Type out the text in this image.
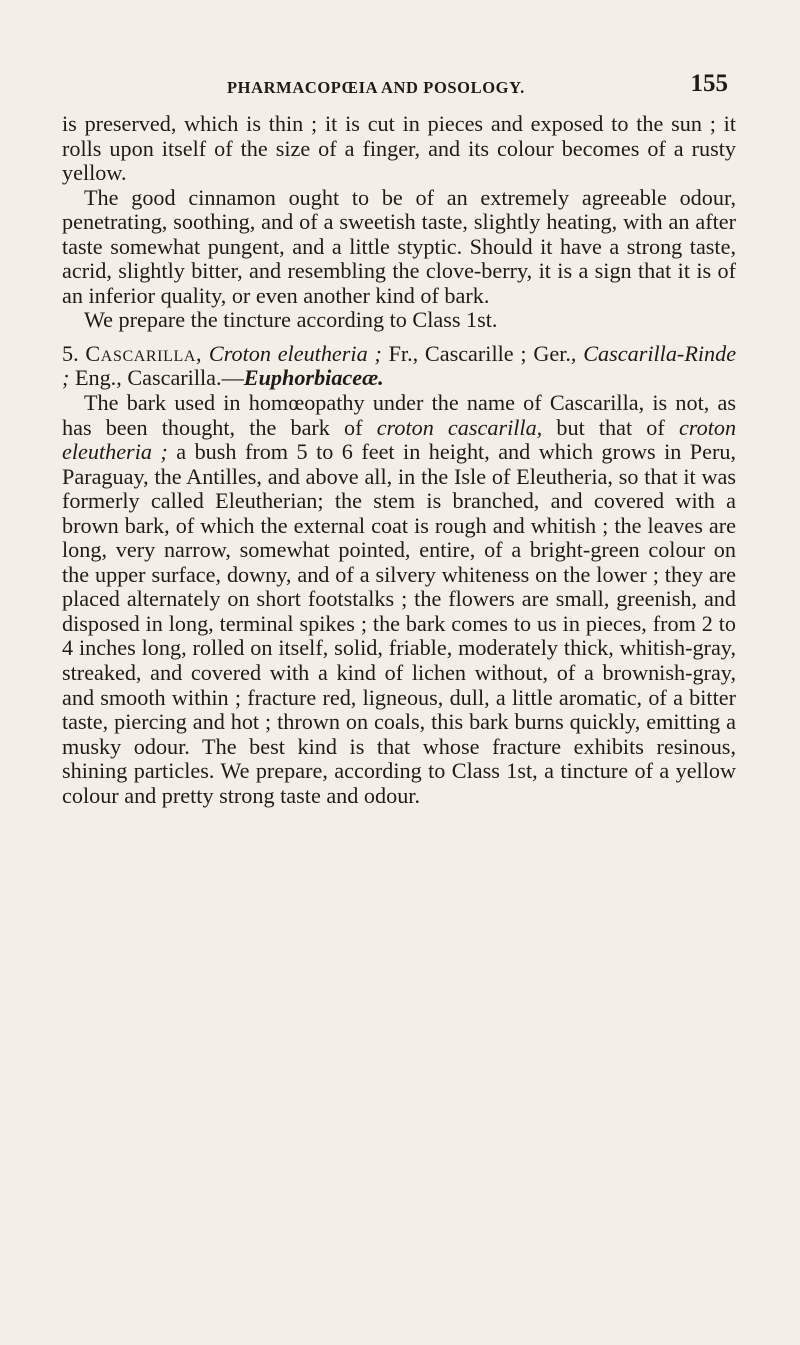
PHARMACOPŒIA AND POSOLOGY.	155

is preserved, which is thin ; it is cut in pieces and exposed to the sun ; it rolls upon itself of the size of a finger, and its colour becomes of a rusty yellow.

The good cinnamon ought to be of an extremely agreeable odour, penetrating, soothing, and of a sweetish taste, slightly heating, with an after taste somewhat pungent, and a little styptic. Should it have a strong taste, acrid, slightly bitter, and resembling the clove-berry, it is a sign that it is of an inferior quality, or even another kind of bark.

We prepare the tincture according to Class 1st.

5. Cascarilla, Croton eleutheria ; Fr., Cascarille ; Ger., Cascarilla-Rinde ; Eng., Cascarilla.—Euphorbiaceæ.

The bark used in homœopathy under the name of Cascarilla, is not, as has been thought, the bark of croton cascarilla, but that of croton eleutheria ; a bush from 5 to 6 feet in height, and which grows in Peru, Paraguay, the Antilles, and above all, in the Isle of Eleutheria, so that it was formerly called Eleutherian; the stem is branched, and covered with a brown bark, of which the external coat is rough and whitish ; the leaves are long, very narrow, somewhat pointed, entire, of a bright-green colour on the upper surface, downy, and of a silvery whiteness on the lower ; they are placed alternately on short footstalks ; the flowers are small, greenish, and disposed in long, terminal spikes ; the bark comes to us in pieces, from 2 to 4 inches long, rolled on itself, solid, friable, moderately thick, whitish-gray, streaked, and covered with a kind of lichen without, of a brownish-gray, and smooth within ; fracture red, ligneous, dull, a little aromatic, of a bitter taste, piercing and hot ; thrown on coals, this bark burns quickly, emitting a musky odour. The best kind is that whose fracture exhibits resinous, shining particles. We prepare, according to Class 1st, a tincture of a yellow colour and pretty strong taste and odour.
